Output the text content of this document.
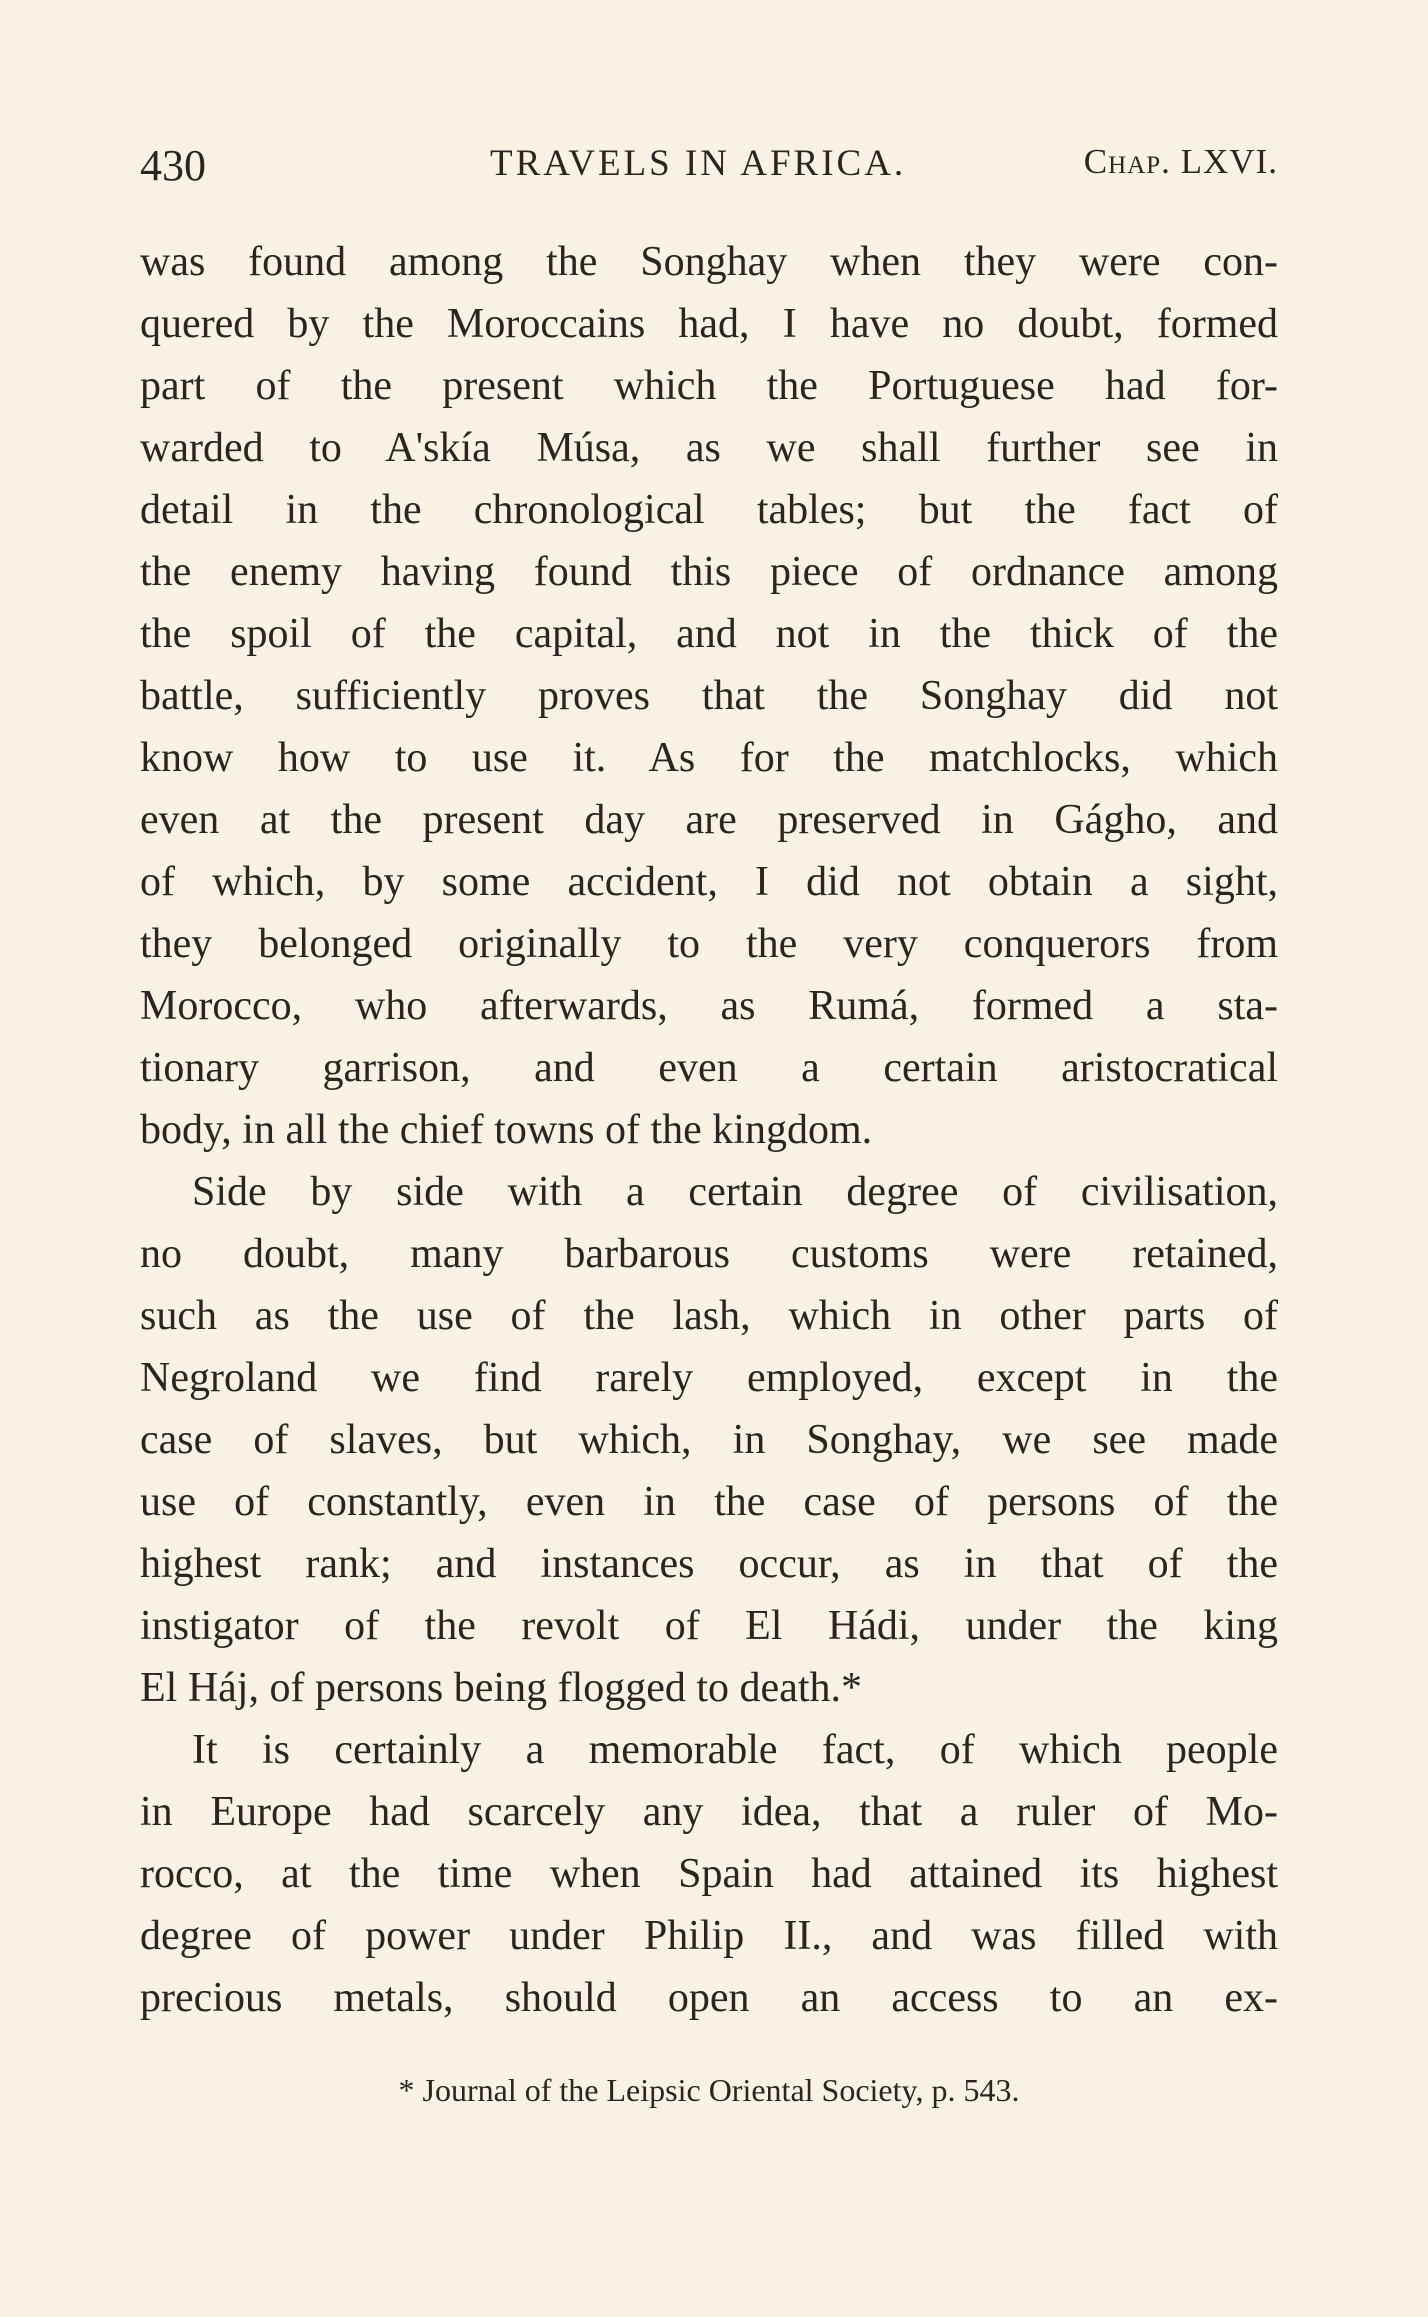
430	TRAVELS IN AFRICA.	Chap. LXVI.
was found among the Songhay when they were con-
quered by the Moroccains had, I have no doubt, formed
part of the present which the Portuguese had for-
warded to A'skía Músa, as we shall further see in
detail in the chronological tables; but the fact of
the enemy having found this piece of ordnance among
the spoil of the capital, and not in the thick of the
battle, sufficiently proves that the Songhay did not
know how to use it. As for the matchlocks, which
even at the present day are preserved in Gágho, and
of which, by some accident, I did not obtain a sight,
they belonged originally to the very conquerors from
Morocco, who afterwards, as Rumá, formed a sta-
tionary garrison, and even a certain aristocratical
body, in all the chief towns of the kingdom.
Side by side with a certain degree of civilisation,
no doubt, many barbarous customs were retained,
such as the use of the lash, which in other parts of
Negroland we find rarely employed, except in the
case of slaves, but which, in Songhay, we see made
use of constantly, even in the case of persons of the
highest rank; and instances occur, as in that of the
instigator of the revolt of El Hádi, under the king
El Háj, of persons being flogged to death.*
It is certainly a memorable fact, of which people
in Europe had scarcely any idea, that a ruler of Mo-
rocco, at the time when Spain had attained its highest
degree of power under Philip II., and was filled with
precious metals, should open an access to an ex-
* Journal of the Leipsic Oriental Society, p. 543.
